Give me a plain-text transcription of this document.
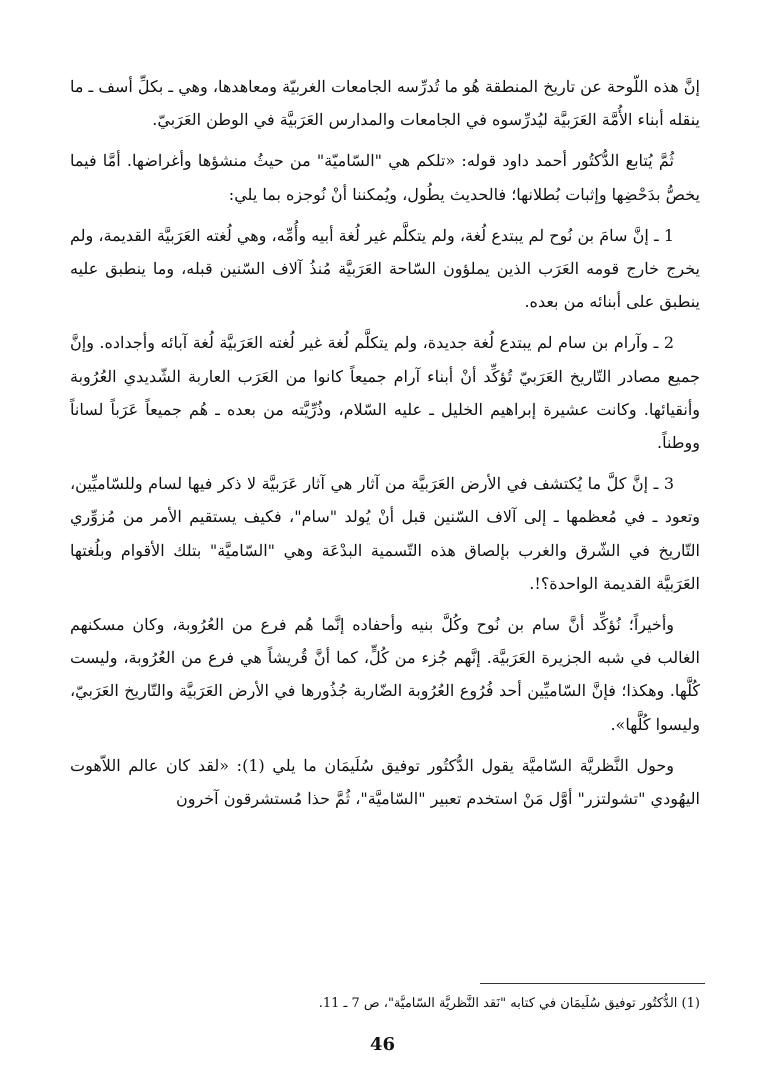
إنَّ هذه اللّوحة عن تاريخ المنطقة هُو ما تُدرِّسه الجامعات الغربيّة ومعاهدها، وهي ـ بكلِّ أسف ـ ما ينقله أبناء الأُمَّة العَرَبيَّة ليُدرِّسوه في الجامعات والمدارس العَرَبيَّة في الوطن العَرَبيّ.

ثُمَّ يُتابع الدُّكتُور أحمد داود قوله: «تلكم هي "السّاميّة" من حيثُ منشؤها وأغراضها. أمَّا فيما يخصُّ بدَحْضِها وإثبات بُطلانها؛ فالحديث يطُول، ويُمكننا أنْ نُوجزه بما يلي:

1 ـ إنَّ سامَ بن نُوح لم يبتدع لُغة، ولم يتكلَّم غير لُغة أبيه وأُمِّه، وهي لُغته العَرَبيَّة القديمة، ولم يخرج خارج قومه العَرَب الذين يملؤون السّاحة العَرَبيَّة مُنذُ آلاف السّنين قبله، وما ينطبق عليه ينطبق على أبنائه من بعده.

2 ـ وآرام بن سام لم يبتدع لُغة جديدة، ولم يتكلَّم لُغة غير لُغته العَرَبيَّة لُغة آبائه وأجداده. وإنَّ جميع مصادر التّاريخ العَرَبيّ تُؤكِّد أنْ أبناء آرام جميعاً كانوا من العَرَب العاربة الشّديدي العُرُوبة وأنقيائها. وكانت عشيرة إبراهيم الخليل ـ عليه السّلام، وذُرِّيَّته من بعده ـ هُم جميعاً عَرَباً لساناً ووطناً.

3 ـ إنَّ كلَّ ما يُكتشف في الأرض العَرَبيَّة من آثار هي آثار عَرَبيَّة لا ذكر فيها لسام وللسّاميِّين، وتعود ـ في مُعظمها ـ إلى آلاف السّنين قبل أنْ يُولد "سام"، فكيف يستقيم الأمر من مُزوِّري التّاريخ في الشّرق والغرب بإلصاق هذه التّسمية البدْعَة وهي "السّاميَّة" بتلك الأقوام وبلُغتها العَرَبيَّة القديمة الواحدة؟!.

وأخيراً؛ نُؤكِّد أنَّ سام بن نُوح وكُلَّ بنيه وأحفاده إنَّما هُم فرع من العُرُوبة، وكان مسكنهم الغالب في شبه الجزيرة العَرَبيَّة. إنَّهم جُزء من كُلٍّ، كما أنَّ قُريشاً هي فرع من العُرُوبة، وليست كُلَّها. وهكذا؛ فإنَّ السّاميِّين أحد فُرُوع العُرُوبة الضّاربة جُذُورها في الأرض العَرَبيَّة والتّاريخ العَرَبيّ، وليسوا كُلَّها».

وحول النَّظريَّة السّاميَّة يقول الدُّكتُور توفيق سُلَيمَان ما يلي (1): «لقد كان عالم اللاّهوت اليهُودي "تشولتزر" أوَّل مَنْ استخدم تعبير "السّاميَّة"، ثُمَّ حذا مُستشرقون آخرون

(1) الدُّكتُور توفيق سُلَيمَان في كتابه "نَقد النَّظريَّة السّاميَّة"، ص 7 ـ 11.
46
